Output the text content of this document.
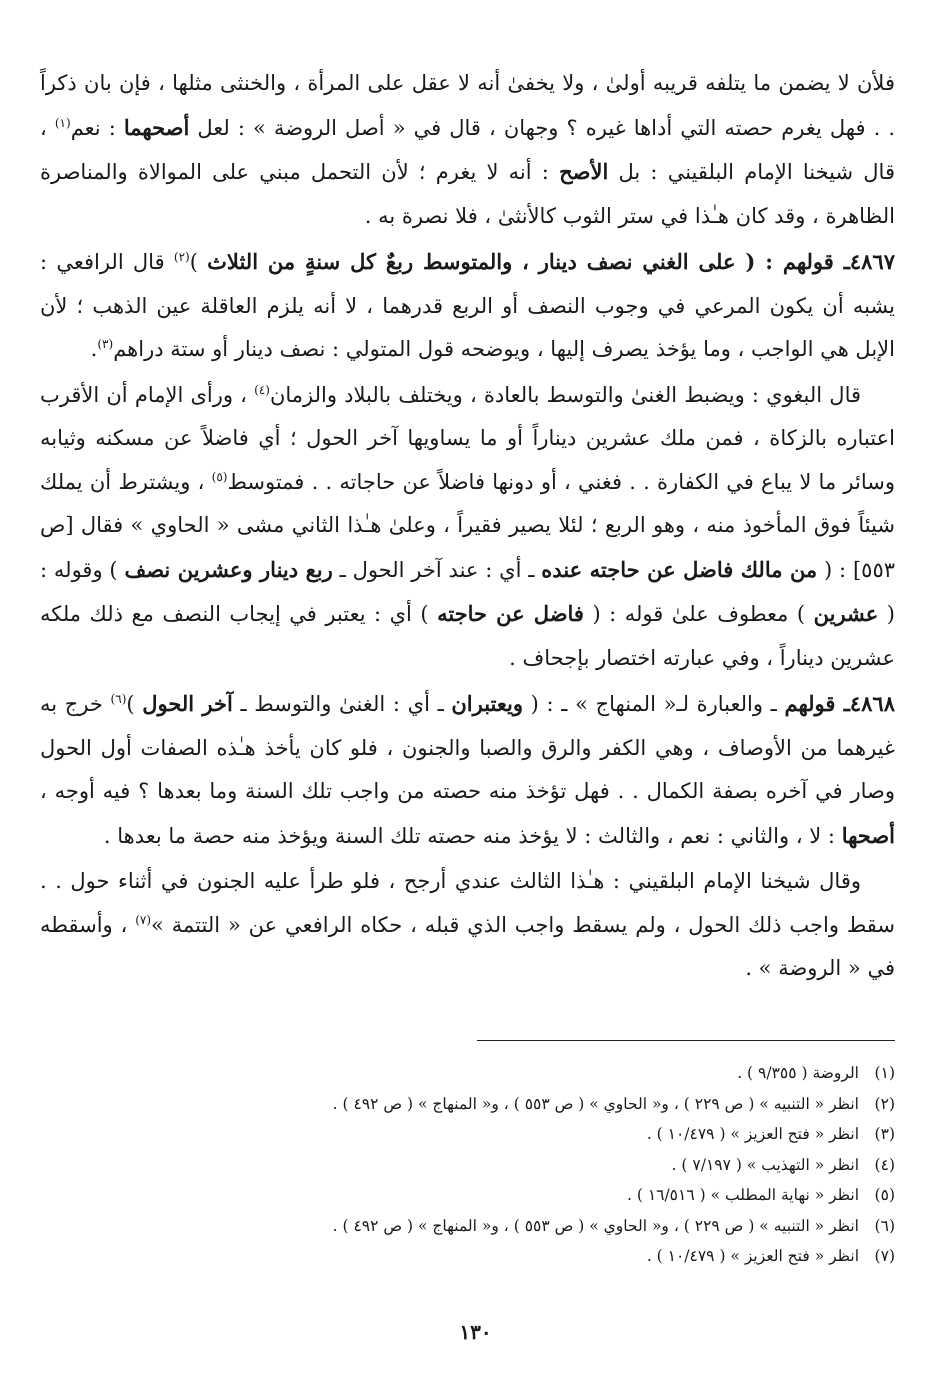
فلأن لا يضمن ما يتلفه قريبه أولىٰ ، ولا يخفىٰ أنه لا عقل على المرأة ، والخنثى مثلها ، فإن بان ذكراً . . فهل يغرم حصته التي أداها غيره ؟ وجهان ، قال في « أصل الروضة » : لعل أصحهما : نعم$^{(١)}$ ، قال شيخنا الإمام البلقيني : بل الأصح : أنه لا يغرم ؛ لأن التحمل مبني على الموالاة والمناصرة الظاهرة ، وقد كان هـٰذا في ستر الثوب كالأنثىٰ ، فلا نصرة به .

٤٨٦٧ـ قولهم : ( على الغني نصف دينار ، والمتوسط ربعٌ كل سنةٍ من الثلاث )$^{(٢)}$ قال الرافعي : يشبه أن يكون المرعي في وجوب النصف أو الربع قدرهما ، لا أنه يلزم العاقلة عين الذهب ؛ لأن الإبل هي الواجب ، وما يؤخذ يصرف إليها ، ويوضحه قول المتولي : نصف دينار أو ستة دراهم$^{(٣)}$.

قال البغوي : ويضبط الغنىٰ والتوسط بالعادة ، ويختلف بالبلاد والزمان$^{(٤)}$ ، ورأى الإمام أن الأقرب اعتباره بالزكاة ، فمن ملك عشرين ديناراً أو ما يساويها آخر الحول ؛ أي فاضلاً عن مسكنه وثيابه وسائر ما لا يباع في الكفارة . . فغني ، أو دونها فاضلاً عن حاجاته . . فمتوسط$^{(٥)}$ ، ويشترط أن يملك شيئاً فوق المأخوذ منه ، وهو الربع ؛ لئلا يصير فقيراً ، وعلىٰ هـٰذا الثاني مشى « الحاوي » فقال [ص ٥٥٣] : ( من مالك فاضل عن حاجته عنده ـ أي : عند آخر الحول ـ ربع دينار وعشرين نصف ) وقوله : ( عشرين ) معطوف علىٰ قوله : ( فاضل عن حاجته ) أي : يعتبر في إيجاب النصف مع ذلك ملكه عشرين ديناراً ، وفي عبارته اختصار بإجحاف .

٤٨٦٨ـ قولهم ـ والعبارة لـ« المنهاج » ـ : ( ويعتبران ـ أي : الغنىٰ والتوسط ـ آخر الحول )$^{(٦)}$ خرج به غيرهما من الأوصاف ، وهي الكفر والرق والصبا والجنون ، فلو كان يأخذ هـٰذه الصفات أول الحول وصار في آخره بصفة الكمال . . فهل تؤخذ منه حصته من واجب تلك السنة وما بعدها ؟ فيه أوجه ، أصحها : لا ، والثاني : نعم ، والثالث : لا يؤخذ منه حصته تلك السنة ويؤخذ منه حصة ما بعدها .

وقال شيخنا الإمام البلقيني : هـٰذا الثالث عندي أرجح ، فلو طرأ عليه الجنون في أثناء حول . . سقط واجب ذلك الحول ، ولم يسقط واجب الذي قبله ، حكاه الرافعي عن « التتمة »$^{(٧)}$ ، وأسقطه في « الروضة » .

(١)
الروضة ( ٩/٣٥٥ ) .
(٢)
انظر « التنبيه » ( ص ٢٢٩ ) ، و« الحاوي » ( ص ٥٥٣ ) ، و« المنهاج » ( ص ٤٩٢ ) .
(٣)
انظر « فتح العزيز » ( ١٠/٤٧٩ ) .
(٤)
انظر « التهذيب » ( ٧/١٩٧ ) .
(٥)
انظر « نهاية المطلب » ( ١٦/٥١٦ ) .
(٦)
انظر « التنبيه » ( ص ٢٢٩ ) ، و« الحاوي » ( ص ٥٥٣ ) ، و« المنهاج » ( ص ٤٩٢ ) .
(٧)
انظر « فتح العزيز » ( ١٠/٤٧٩ ) .
١٣٠
